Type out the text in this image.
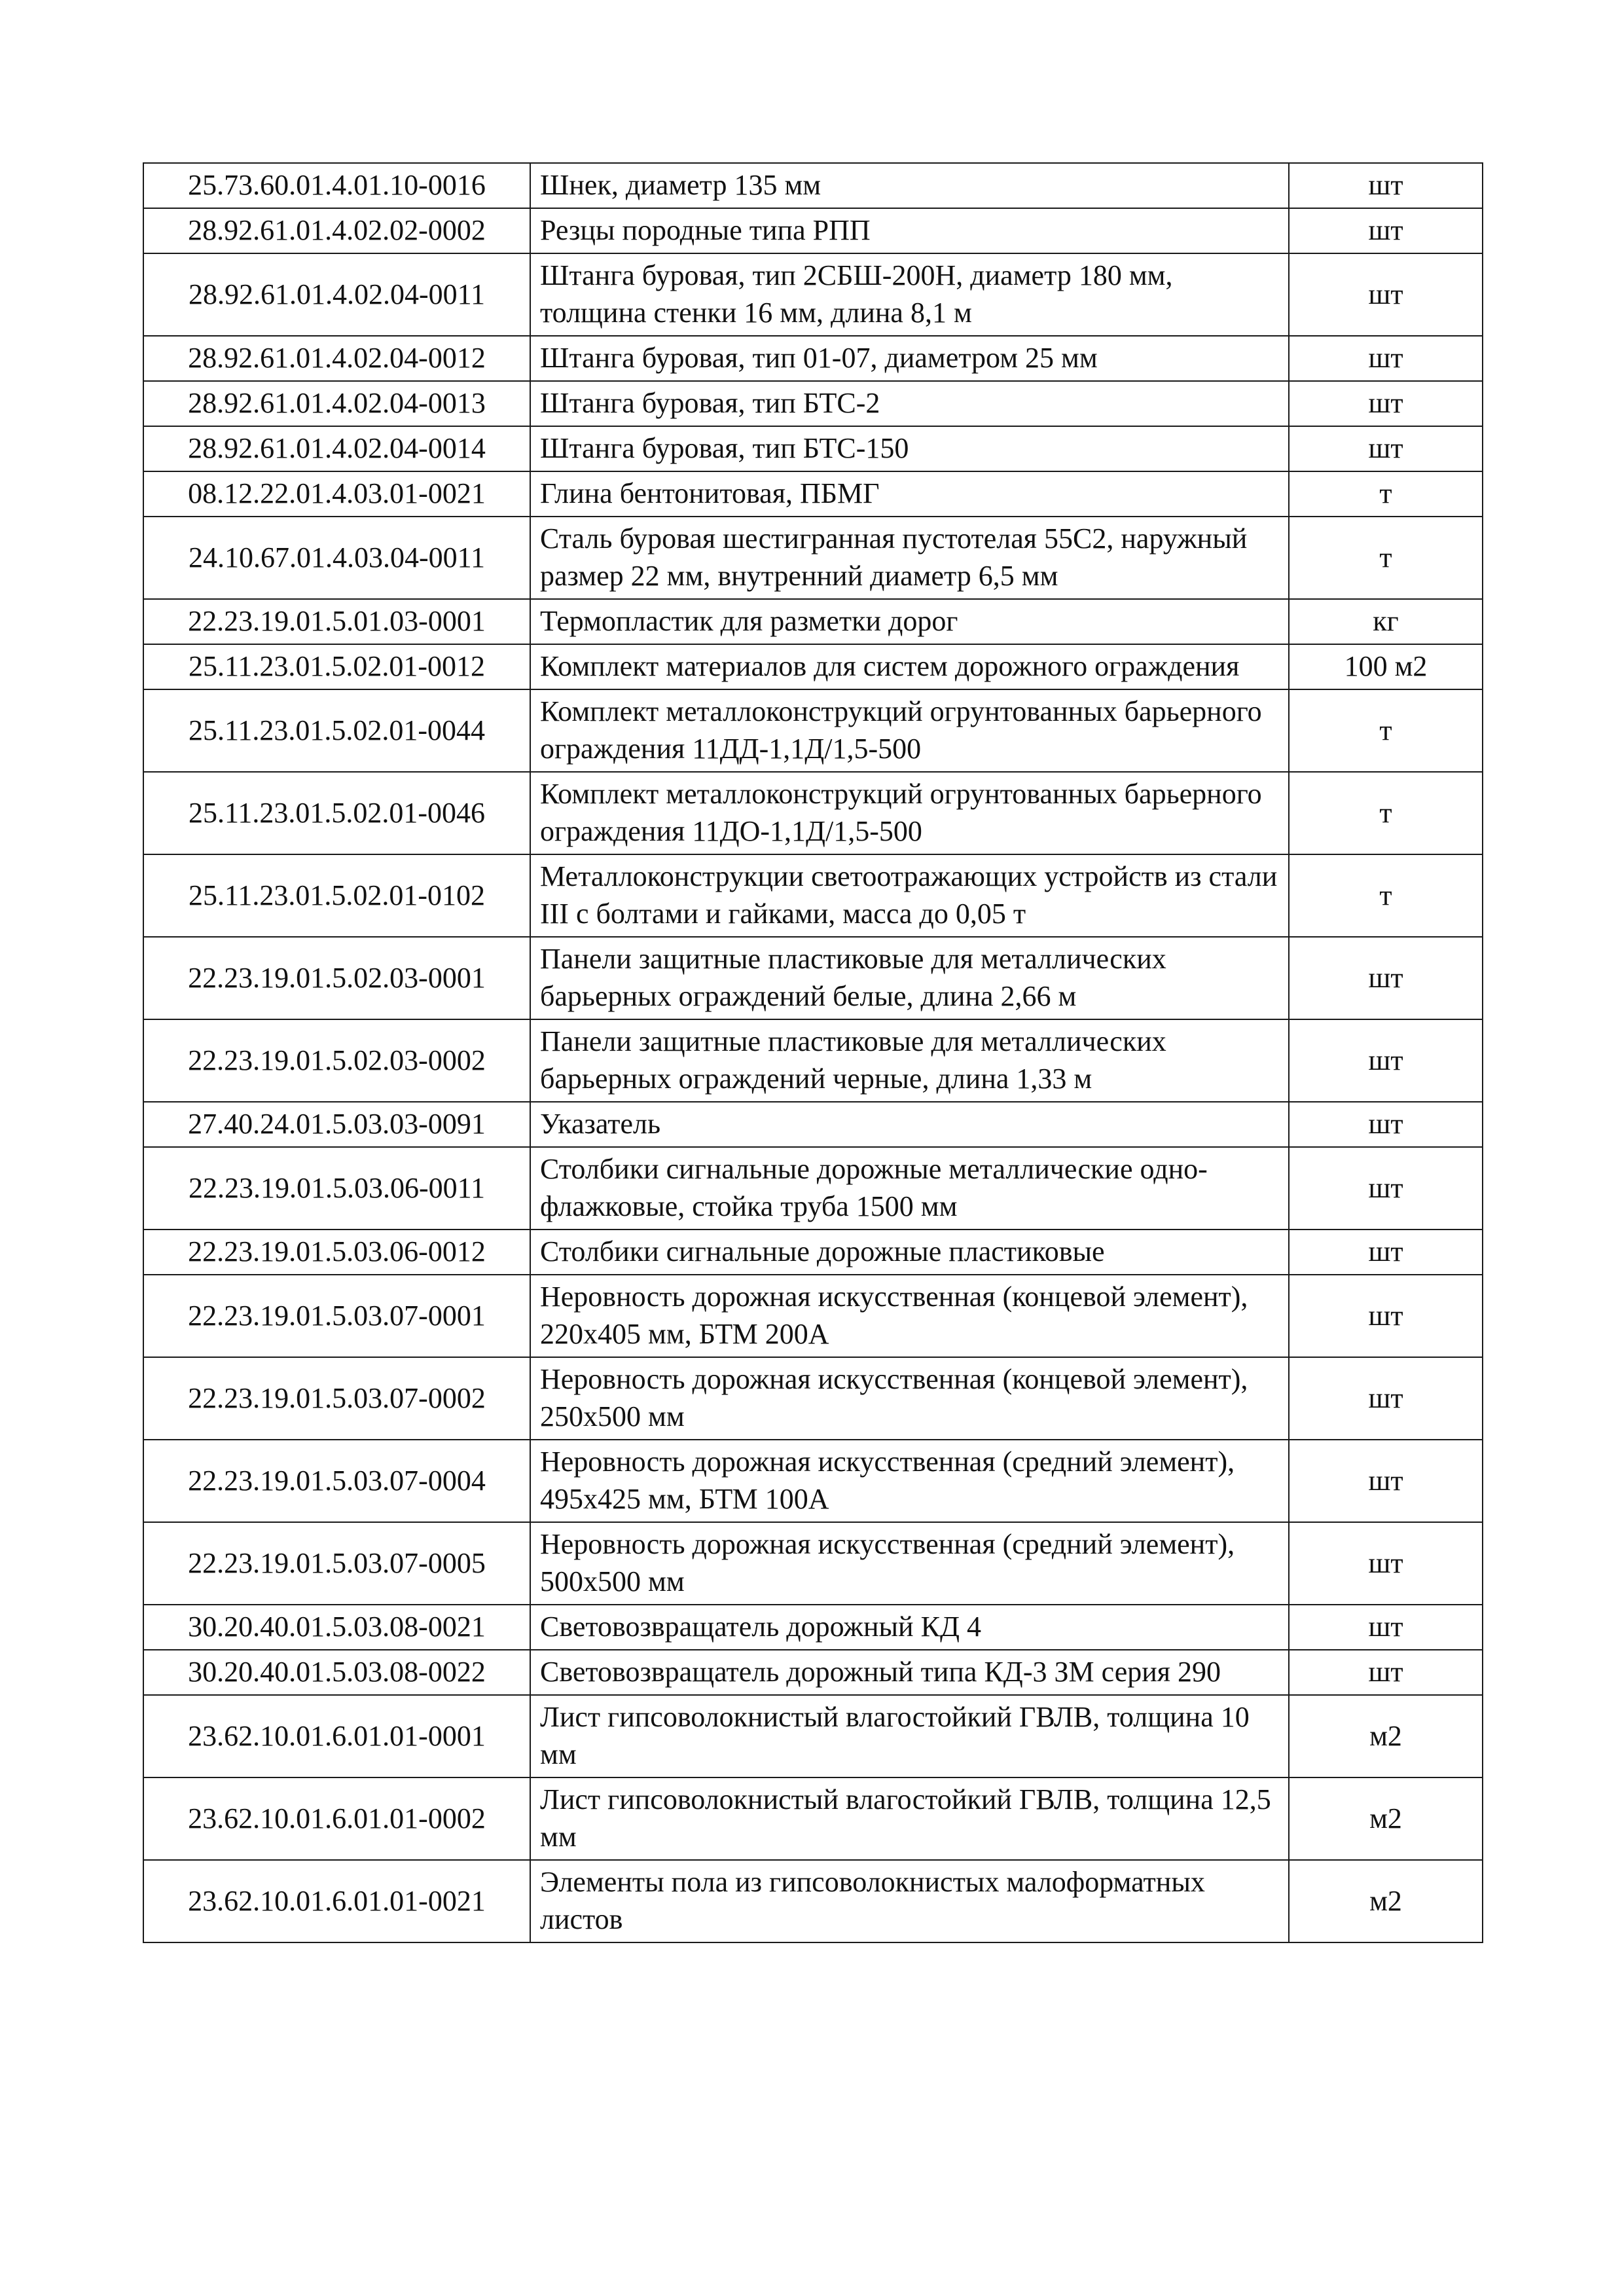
25.73.60.01.4.01.10-0016	Шнек, диаметр 135 мм	шт
28.92.61.01.4.02.02-0002	Резцы породные типа РПП	шт
28.92.61.01.4.02.04-0011	Штанга буровая, тип 2СБШ-200Н, диаметр 180 мм, толщина стенки 16 мм, длина 8,1 м	шт
28.92.61.01.4.02.04-0012	Штанга буровая, тип 01-07, диаметром 25 мм	шт
28.92.61.01.4.02.04-0013	Штанга буровая, тип БТС-2	шт
28.92.61.01.4.02.04-0014	Штанга буровая, тип БТС-150	шт
08.12.22.01.4.03.01-0021	Глина бентонитовая, ПБМГ	т
24.10.67.01.4.03.04-0011	Сталь буровая шестигранная пустотелая 55С2, наружный размер 22 мм, внутренний диаметр 6,5 мм	т
22.23.19.01.5.01.03-0001	Термопластик для разметки дорог	кг
25.11.23.01.5.02.01-0012	Комплект материалов для систем дорожного ограждения	100 м2
25.11.23.01.5.02.01-0044	Комплект металлоконструкций огрунтованных барьерного ограждения 11ДД-1,1Д/1,5-500	т
25.11.23.01.5.02.01-0046	Комплект металлоконструкций огрунтованных барьерного ограждения 11ДО-1,1Д/1,5-500	т
25.11.23.01.5.02.01-0102	Металлоконструкции светоотражающих устройств из стали III с болтами и гайками, масса до 0,05 т	т
22.23.19.01.5.02.03-0001	Панели защитные пластиковые для металлических барьерных ограждений белые, длина 2,66 м	шт
22.23.19.01.5.02.03-0002	Панели защитные пластиковые для металлических барьерных ограждений черные, длина 1,33 м	шт
27.40.24.01.5.03.03-0091	Указатель	шт
22.23.19.01.5.03.06-0011	Столбики сигнальные дорожные металлические однофлажковые, стойка труба 1500 мм	шт
22.23.19.01.5.03.06-0012	Столбики сигнальные дорожные пластиковые	шт
22.23.19.01.5.03.07-0001	Неровность дорожная искусственная (концевой элемент), 220х405 мм, БТМ 200А	шт
22.23.19.01.5.03.07-0002	Неровность дорожная искусственная (концевой элемент), 250х500 мм	шт
22.23.19.01.5.03.07-0004	Неровность дорожная искусственная (средний элемент), 495х425 мм, БТМ 100А	шт
22.23.19.01.5.03.07-0005	Неровность дорожная искусственная (средний элемент), 500х500 мм	шт
30.20.40.01.5.03.08-0021	Световозвращатель дорожный КД 4	шт
30.20.40.01.5.03.08-0022	Световозвращатель дорожный типа КД-3 ЗМ серия 290	шт
23.62.10.01.6.01.01-0001	Лист гипсоволокнистый влагостойкий ГВЛВ, толщина 10 мм	м2
23.62.10.01.6.01.01-0002	Лист гипсоволокнистый влагостойкий ГВЛВ, толщина 12,5 мм	м2
23.62.10.01.6.01.01-0021	Элементы пола из гипсоволокнистых малоформатных листов	м2
